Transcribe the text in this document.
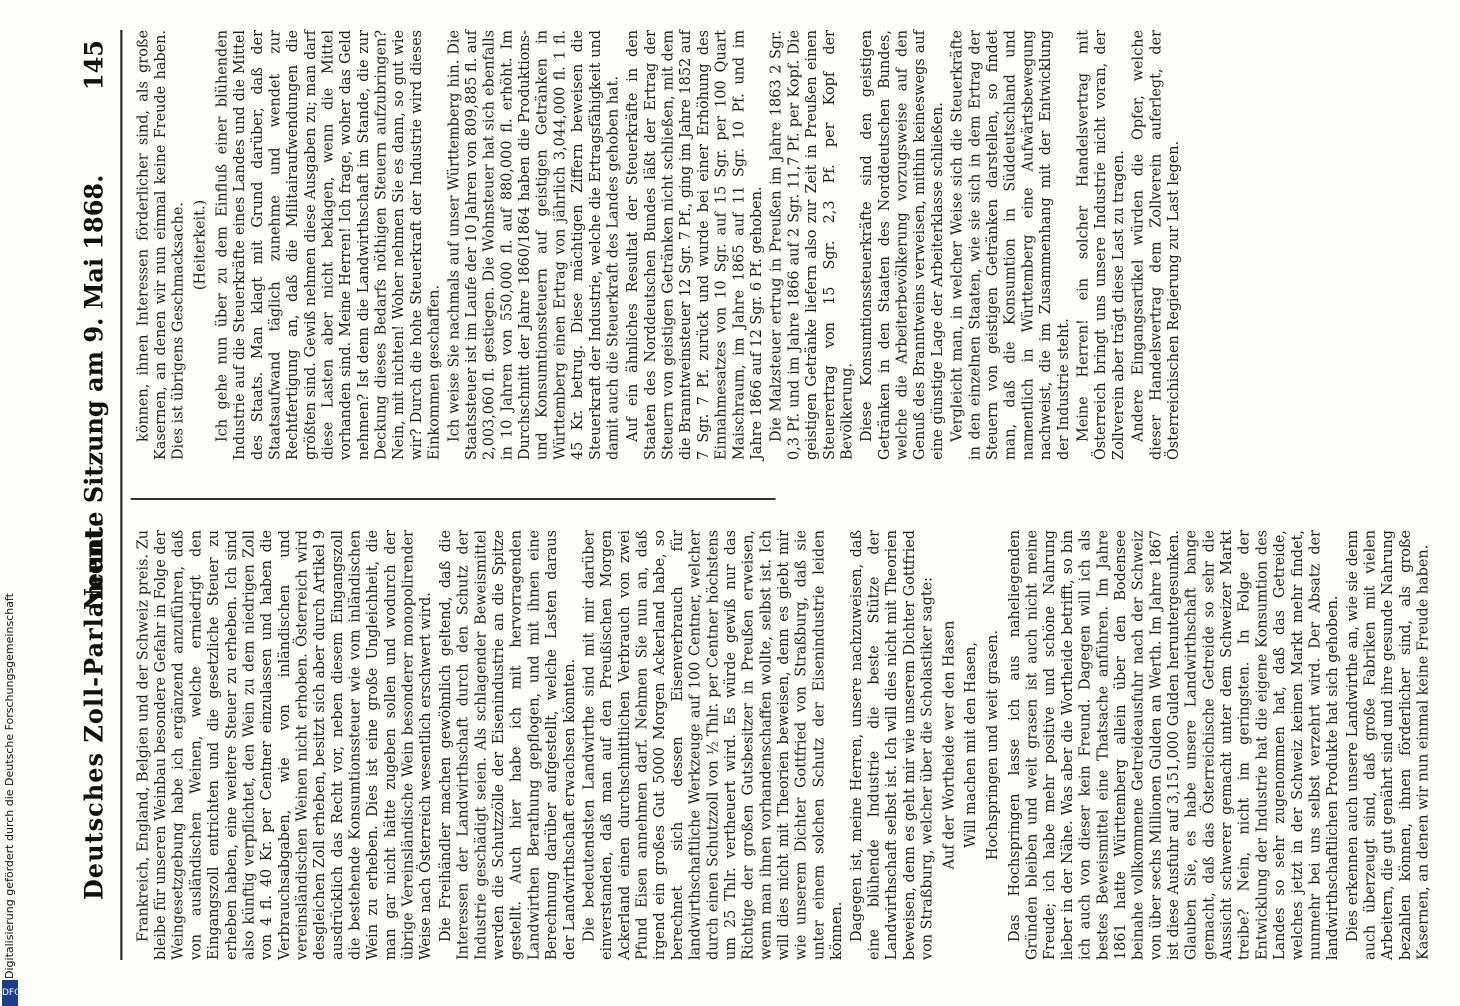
Digitalisierung gefördert durch die Deutsche Forschungsgemeinschaft
DFG
Deutsches Zoll-Parlament.
Neunte Sitzung am 9. Mai 1868.
145

Frankreich, England, Belgien und der Schweiz preis. Zu bleibe für unseren Weinbau besondere Gefahr in Folge der Weingesetzgebung habe ich ergänzend anzuführen, daß von ausländischen Weinen, welche erniedrigt den Eingangszoll entrichten und die gesetzliche Steuer zu erheben haben, eine weitere Steuer zu erheben. Ich sind also künftig verpflichtet, den Wein zu dem niedrigen Zoll von 4 fl. 40 Kr. per Centner einzulassen und haben die Verbrauchsabgaben, wie von inländischen und vereinsländischen Weinen nicht erhoben. Österreich wird desgleichen Zoll erheben, besitzt sich aber durch Artikel 9 ausdrücklich das Recht vor, neben diesem Eingangszoll die bestehende Konsumtionssteuer wie vom inländischen Wein zu erheben. Dies ist eine große Ungleichheit, die man gar nicht hätte zugeben sollen und wodurch der übrige Vereinsländische Wein besonderer monopolirender Weise nach Österreich wesentlich erschwert wird. Die Freihändler machen gewöhnlich geltend, daß die Interessen der Landwirthschaft durch den Schutz der Industrie geschädigt seien. Als schlagender Beweismittel werden die Schutzzölle der Eisenindustrie an die Spitze gestellt. Auch hier habe ich mit hervorragenden Landwirthen Berathung gepflogen, und mit ihnen eine Berechnung darüber aufgestellt, welche Lasten daraus der Landwirthschaft erwachsen könnten. Die bedeutendsten Landwirthe sind mit mir darüber einverstanden, daß man auf den Preußischen Morgen Ackerland einen durchschnittlichen Verbrauch von zwei Pfund Eisen annehmen darf. Nehmen Sie nun an, daß irgend ein großes Gut 5000 Morgen Ackerland habe, so berechnet sich dessen Eisenverbrauch für landwirthschaftliche Werkzeuge auf 100 Centner, welcher durch einen Schutzzoll von ½ Thlr. per Centner höchstens um 25 Thlr. vertheuert wird. Es würde gewiß nur das Richtige der großen Gutsbesitzer in Preußen erweisen, wenn man ihnen vorhandenschaffen wollte, selbst ist. Ich will dies nicht mit Theorien beweisen, denn es giebt mir wie unserem Dichter Gottfried von Straßburg, daß sie unter einem solchen Schutz der Eisenindustrie leiden können. Dagegen ist, meine Herren, unsere nachzuweisen, daß eine blühende Industrie die beste Stütze der Landwirthschaft selbst ist. Ich will dies nicht mit Theorien beweisen, denn es geht mir wie unserem Dichter Gottfried von Straßburg, welcher über die Scholastiker sagte: Auf der Wortheide wer den Hasen Will machen mit den Hasen, Hochspringen und weit grasen. Das Hochspringen lasse ich aus naheliegenden Gründen bleiben und weit grasen ist auch nicht meine Freude; ich habe mehr positive und schöne Nahrung lieber in der Nähe. Was aber die Wortheide betrifft, so bin ich auch von dieser kein Freund. Dagegen will ich als bestes Beweismittel eine Thatsache anführen. Im Jahre 1861 hatte Württemberg allein über den Bodensee beinahe vollkommene Getreideausfuhr nach der Schweiz von über sechs Millionen Gulden an Werth. Im Jahre 1867 ist diese Ausfuhr auf 3,151,000 Gulden heruntergesunken. Glauben Sie, es habe unsere Landwirthschaft bange gemacht, daß das Österreichische Getreide so sehr die Aussicht schwerer gemacht unter dem Schweizer Markt treibe? Nein, nicht im geringsten. In Folge der Entwicklung der Industrie hat die eigene Konsumtion des Landes so sehr zugenommen hat, daß das Getreide, welches jetzt in der Schweiz keinen Markt mehr findet, nunmehr bei uns selbst verzehrt wird. Der Absatz der landwirthschaftlichen Produkte hat sich gehoben. Dies erkennen auch unsere Landwirthe an, wie sie denn auch überzeugt sind, daß große Fabriken mit vielen Arbeitern, die gut genährt sind und ihre gesunde Nahrung bezahlen können, ihnen förderlicher sind, als große Kasernen, an denen wir nun einmal keine Freude haben.

können, ihnen Interessen förderlicher sind, als große Kasernen, an denen wir nun einmal keine Freude haben. Dies ist übrigens Geschmacksache. (Heiterkeit.) Ich gehe nun über zu dem Einfluß einer blühenden Industrie auf die Steuerkräfte eines Landes und die Mittel des Staats. Man klagt mit Grund darüber, daß der Staatsaufwand täglich zunehme und wendet zur Rechtfertigung an, daß die Militairaufwendungen die größten sind. Gewiß nehmen diese Ausgaben zu; man darf diese Lasten aber nicht beklagen, wenn die Mittel vorhanden sind. Meine Herren! Ich frage, woher das Geld nehmen? Ist denn die Landwirthschaft im Stande, die zur Deckung dieses Bedarfs nöthigen Steuern aufzubringen? Nein, mit nichten! Woher nehmen Sie es dann, so gut wie wir? Durch die hohe Steuerkraft der Industrie wird dieses Einkommen geschaffen. Ich weise Sie nachmals auf unser Württemberg hin. Die Staatssteuer ist im Laufe der 10 Jahren von 809,885 fl. auf 2,003,060 fl. gestiegen. Die Wohnsteuer hat sich ebenfalls in 10 Jahren von 550,000 fl. auf 880,000 fl. erhöht. Im Durchschnitt der Jahre 1860/1864 haben die Produktions- und Konsumtionssteuern auf geistigen Getränken in Württemberg einen Ertrag von jährlich 3,044,000 fl. 1 fl. 45 Kr. betrug. Diese mächtigen Ziffern beweisen die Steuerkraft der Industrie, welche die Ertragsfähigkeit und damit auch die Steuerkraft des Landes gehoben hat. Auf ein ähnliches Resultat der Steuerkräfte in den Staaten des Norddeutschen Bundes läßt der Ertrag der Steuern von geistigen Getränken nicht schließen, mit dem die Branntweinsteuer 12 Sgr. 7 Pf., ging im Jahre 1852 auf 7 Sgr. 7 Pf. zurück und wurde bei einer Erhöhung des Einnahmesatzes von 10 Sgr. auf 15 Sgr. per 100 Quart Maischraum, im Jahre 1865 auf 11 Sgr. 10 Pf. und im Jahre 1866 auf 12 Sgr. 6 Pf. gehoben. Die Malzsteuer ertrug in Preußen im Jahre 1863 2 Sgr. 0,3 Pf. und im Jahre 1866 auf 2 Sgr. 11,7 Pf. per Kopf. Die geistigen Getränke liefern also zur Zeit in Preußen einen Steuerertrag von 15 Sgr. 2,3 Pf. per Kopf der Bevölkerung. Diese Konsumtionssteuerkräfte sind den geistigen Getränken in den Staaten des Norddeutschen Bundes, welche die Arbeiterbevölkerung vorzugsweise auf den Genuß des Branntweins verweisen, mithin keineswegs auf eine günstige Lage der Arbeiterklasse schließen. Vergleicht man, in welcher Weise sich die Steuerkräfte in den einzelnen Staaten, wie sie sich in dem Ertrag der Steuern von geistigen Getränken darstellen, so findet man, daß die Konsumtion in Süddeutschland und namentlich in Württemberg eine Aufwärtsbewegung nachweist, die im Zusammenhang mit der Entwicklung der Industrie steht. Meine Herren! ein solcher Handelsvertrag mit Österreich bringt uns unsere Industrie nicht voran, der Zollverein aber trägt diese Last zu tragen. Andere Eingangsartikel würden die Opfer, welche dieser Handelsvertrag dem Zollverein auferlegt, der Österreichischen Regierung zur Last legen.
